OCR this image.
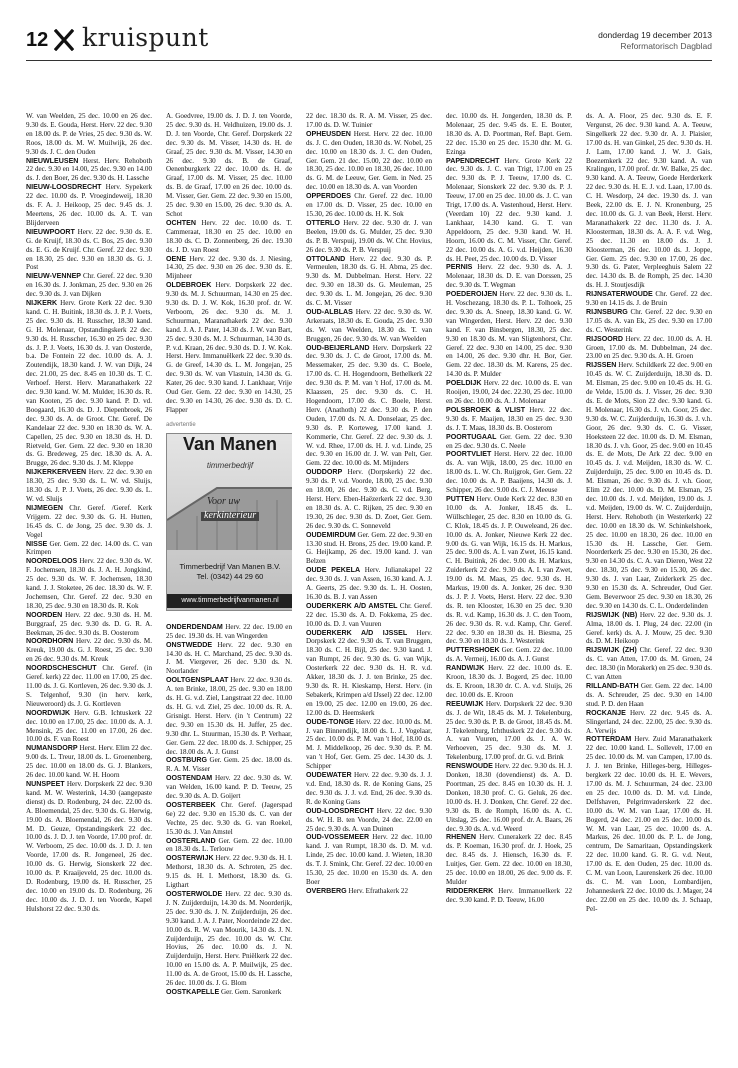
12 kruispunt	donderdag 19 december 2013
Reformatorisch Dagblad

W. van Weelden, 25 dec. 10.00 en 26 dec. 9.30 ds. E. Gouda, Herst. Herv. 22 dec. 9.30 en 18.00 ds. P. de Vries, 25 dec. 9.30 ds. W. Roos, 18.00 ds. M. W. Muilwijk, 26 dec. 9.30 ds. J. C. den Ouden

NIEUWLEUSEN Herst. Herv. Rehoboth 22 dec. 9.30 en 14.00, 25 dec. 9.30 en 14.00 ds. J. den Boer, 26 dec. 9.30 ds. H. Lassche

NIEUW-LOOSDRECHT Herv. Sypekerk 22 dec. 10.00 ds. P. Vroegindeweij, 18.30 ds. F. A. J. Heikoop, 25 dec. 9.45 ds. J. Meertens, 26 dec. 10.00 ds. A. T. van Blijderveen

NIEUWPOORT Herv. 22 dec. 9.30 ds. E. G. de Kruijf, 18.30 ds. C. Bos, 25 dec. 9.30 ds. E. G. de Kruijf. Chr. Geref. 22 dec. 9.30 en 18.30, 25 dec. 9.30 en 18.30 ds. G. J. Post

NIEUW-VENNEP Chr. Geref. 22 dec. 9.30 en 16.30 ds. J. Jonkman, 25 dec. 9.30 en 26 dec. 9.30 ds. J. van Dijken

NIJKERK Herv. Grote Kerk 22 dec. 9.30 kand. C. H. Buitink, 18.30 ds. J. P. J. Voets, 25 dec. 9.30 ds. H. Russcher, 18.30 kand. G. H. Molenaar, Opstandingskerk 22 dec. 9.30 ds. H. Russcher, 16.30 en 25 dec. 9.30 ds. J. P. J. Voets, 16.30 ds. J. van Oosterde, b.a. De Fontein 22 dec. 10.00 ds. A. J. Zoutendijk, 18.30 kand. J. W. van Dijk, 24 dec. 21.00, 25 dec. 8.45 en 10.30 ds. T. C. Verhoef. Herst. Herv. Maranathakerk 22 dec. 9.30 kand. W. M. Mulder, 16.30 ds. R. van Kooten, 25 dec. 9.30 kand. P. D. vd. Boogaard, 16.30 ds. D. J. Diepenbroek, 26 dec. 9.30 ds. A. de Groot. Chr. Geref. De Kandelaar 22 dec. 9.30 en 18.30 ds. W. A. Capellen, 25 dec. 9.30 en 18.30 ds. H. D. Rietveld, Ger. Gem. 22 dec. 9.30 en 18.30 ds. G. Bredeweg, 25 dec. 18.30 ds. A. A. Brugge, 26 dec. 9.30 ds. J. M. Kleppe

NIJKERKERVEEN Herv. 22 dec. 9.30 en 18.30, 25 dec. 9.30 ds. L. W. vd. Sluijs, 18.30 ds. J. P. J. Voets, 26 dec. 9.30 ds. L. W. vd. Sluijs

NIJMEGEN Chr. Geref. /Geref. Kerk Vrijgem. 22 dec. 9.30 ds. G. H. Hutten, 16.45 ds. C. de Jong, 25 dec. 9.30 ds. J. Vogel

NISSE Ger. Gem. 22 dec. 14.00 ds. C. van Krimpen

NOORDELOOS Herv. 22 dec. 9.30 ds. W. F. Jochemsen, 18.30 ds. J. A. H. Jongkind, 25 dec. 9.30 ds. W. F. Jochemsen, 18.30 kand. J. J. Stoketee, 26 dec. 18.30 ds. W. F. Jochemsen, Chr. Geref. 22 dec. 9.30 en 18.30, 25 dec. 9.30 en 18.30 ds. R. Kok

NOORDEN Herv. 22 dec. 9.30 ds. H. M. Burggraaf, 25 dec. 9.30 ds. D. G. R. A. Beekman, 26 dec. 9.30 ds. B. Oosterom

NOORDHORN Herv. 22 dec. 9.30 ds. M. Kreuk, 19.00 ds. G. J. Roest, 25 dec. 9.30 en 26 dec. 9.30 ds. M. Kreuk

NOORDSCHESCHUT Chr. Geref. (in Geref. kerk) 22 dec. 11.00 en 17.00, 25 dec. 11.00 ds. J. G. Kortleven, 26 dec. 9.30 ds. J. S. Telgenhof, 9.30 (in herv. kerk, Nieuweroord) ds. J. G. Kortleven

NOORDWIJK Herv. G.B. Ichtuskerk 22 dec. 10.00 en 17.00, 25 dec. 10.00 ds. A. J. Mensink, 25 dec. 11.00 en 17.00, 26 dec. 10.00 ds. F. van Roest

NUMANSDORP Herst. Herv. Elim 22 dec. 9.00 ds. L. Treur, 18.00 ds. L. Groenenberg, 25 dec. 10.00 en 18.00 ds. G. J. Blankers, 26 dec. 10.00 kand. W. H. Hoorn

NUNSPEET Herv. Dorpskerk 22 dec. 9.30 kand. M. W. Westerink, 14.30 (aangepaste dienst) ds. D. Rodenburg, 24 dec. 22.00 ds. A. Bloemendal, 25 dec. 9.30 ds. G. Herwig, 19.00 ds. A. Bloemendal, 26 dec. 9.30 ds. M. D. Geuze, Opstandingskerk 22 dec. 10.00 ds. J. D. J. ten Voorde, 17.00 prof. dr. W. Verboom, 25 dec. 10.00 ds. J. D. J. ten Voorde, 17.00 ds. R. Jongeneel, 26 dec. 10.00 ds. G. Herwig, Sionskerk 22 dec. 10.00 ds. P. Kraaijeveld, 25 dec. 10.00 ds. D. Rodenburg, 19.00 ds. H. Russcher, 25 dec. 10.00 en 19.00 ds. D. Rodenburg, 26 dec. 10.00 ds. J. D. J. ten Voorde, Kapel Hulshorst 22 dec. 9.30 ds.

A. Goedvree, 19.00 ds. J. D. J. ten Voorde, 25 dec. 9.30 ds. H. Veldhuizen, 19.00 ds. J. D. J. ten Voorde, Chr. Geref. Dorpskerk 22 dec. 9.30 ds. M. Visser, 14.30 ds. H. de Graaf, 25 dec. 9.30 ds. M. Visser, 14.30 en 26 dec. 9.30 ds. B. de Graaf, Oenenburgkerk 22 dec. 10.00 ds. H. de Graaf, 17.00 ds. M. Visser, 25 dec. 10.00 ds. B. de Graaf, 17.00 en 26 dec. 10.00 ds. M. Visser, Ger. Gem. 22 dec. 9.30 en 15.00, 25 dec. 9.30 en 15.00, 26 dec. 9.30 ds. A. Schot

OCHTEN Herv. 22 dec. 10.00 ds. T. Cammeraat, 18.30 en 25 dec. 10.00 en 18.30 ds. C. D. Zonnenberg, 26 dec. 19.30 ds. J. D. van Roest

OENE Herv. 22 dec. 9.30 ds. J. Niesing, 14.30, 25 dec. 9.30 en 26 dec. 9.30 ds. E. Mijnheer

OLDEBROEK Herv. Dorpskerk 22 dec. 9.30 ds. M. J. Schuurman, 14.30 en 25 dec. 9.30 ds. D. J. W. Kok, 16.30 prof. dr. W. Verboom, 26 dec. 9.30 ds. M. J. Schuurman, Maranathakerk 22 dec. 9.30 kand. J. A. J. Pater, 14.30 ds. J. W. van Bart, 25 dec. 9.30 ds. M. J. Schuurman, 14.30 ds. P. v.d. Kraan, 26 dec. 9.30 ds. D. J. W. Kok. Herst. Herv. Immanuëlkerk 22 dec. 9.30 ds. G. de Greef, 14.30 ds. L. M. Jongejan, 25 dec. 9.30 ds. W. van Vlastuin, 14.30 ds. G. Kater, 26 dec. 9.30 kand. J. Lankhaar, Vrije Oud Ger. Gem. 22 dec. 9.30 en 14.30, 25 dec. 9.30 en 14.30, 26 dec. 9.30 ds. D. C. Flapper

advertentie
Van Manen
timmerbedrijf
Voor uw
kerkinterieur
Timmerbedrijf Van Manen B.V.
Tel. (0342) 44 29 60
www.timmerbedrijfvanmanen.nl

ONDERDENDAM Herv. 22 dec. 19.00 en 25 dec. 19.30 ds. H. van Wingerden

ONSTWEDDE Herv. 22 dec. 9.30 en 14.30 ds. H. C. Marchand, 25 dec. 9.30 ds. J. M. Viergever, 26 dec. 9.30 ds. N. Noorlander

OOLTGENSPLAAT Herv. 22 dec. 9.30 ds. A. ten Brinke, 18.00, 25 dec. 9.30 en 18.00 ds. H. G. v.d. Ziel, Langstraat 22 dec. 10.00 ds. H. G. v.d. Ziel, 25 dec. 10.00 ds. R. A. Grisnigt. Herst. Herv. (in 't Centrum) 22 dec. 9.30 en 15.30 ds. H. Juffer, 25 dec. 9.30 dhr. L. Stuurman, 15.30 ds. P. Verhaar, Ger. Gem. 22 dec. 18.00 ds. J. Schipper, 25 dec. 18.00 ds. A. J. Gunst

OOSTBURG Ger. Gem. 25 dec. 18.00 ds. R. A. M. Visser

OOSTENDAM Herv. 22 dec. 9.30 ds. W. van Welden, 16.00 kand. P. D. Teeuw, 25 dec. 9.30 ds. A. D. Goijert

OOSTERBEEK Chr. Geref. (Jagerspad 6e) 22 dec. 9.30 en 15.30 ds. C. van der Vechte, 25 dec. 9.30 ds. G. van Roekel, 15.30 ds. J. Van Amstel

OOSTERLAND Ger. Gem. 22 dec. 10.00 en 18.30 ds. L. Terlouw

OOSTERWIJK Herv. 22 dec. 9.30 ds. H. I. Methorst, 18.30 ds. A. Schroten, 25 dec. 9.15 ds. H. I. Methorst, 18.30 ds. G. Ligthart

OOSTERWOLDE Herv. 22 dec. 9.30 ds. J. N. Zuijderduijn, 14.30 ds. M. Noorderijk, 25 dec. 9.30 ds. J. N. Zuijderduijn, 26 dec. 9.30 kand. J. A. J. Pater, Noordeinde 22 dec. 10.00 ds. R. W. van Mourik, 14.30 ds. J. N. Zuijderduijn, 25 dec. 10.00 ds. W. Chr. Hovius, 26 dec. 10.00 ds. J. N. Zuijderduijn, Herst. Herv. Pniëlkerk 22 dec. 10.00 en 15.00 ds. A. P. Muilwijk, 25 dec. 11.00 ds. A. de Groot, 15.00 ds. H. Lassche, 26 dec. 10.00 ds. J. G. Blom

OOSTKAPELLE Ger. Gem. Saronkerk

22 dec. 18.30 ds. R. A. M. Visser, 25 dec. 17.00 ds. D. W. Tuinier

OPHEUSDEN Herst. Herv. 22 dec. 10.00 ds. J. C. den Ouden, 18.30 ds. W. Nobel, 25 dec. 10.00 en 18.30 ds. J. C. den Ouden, Ger. Gem. 21 dec. 15.00, 22 dec. 10.00 en 18.30, 25 dec. 10.00 en 18.30, 26 dec. 10.00 ds. G. M. de Leeuw, Ger. Gem. in Ned. 25 dec. 10.00 en 18.30 ds. A. van Voorden

OPPERDOES Chr. Geref. 22 dec. 10.00 en 17.00 ds. D. Visser, 25 dec. 10.00 en 15.30, 26 dec. 10.00 ds. H. K. Sok

OTTERLO Herv. 22 dec. 9.30 dr. J. van Beelen, 19.00 ds. G. Mulder, 25 dec. 9.30 ds. P. B. Verspuij, 19.00 ds. W. Chr. Hovius, 26 dec. 9.30 ds. P. B. Verspuij

OTTOLAND Herv. 22 dec. 9.30 ds. P. Vermeulen, 18.30 ds. G. H. Abma, 25 dec. 9.30 ds. M. Dubbelman. Herst. Herv. 22 dec. 9.30 en 18.30 ds. G. Meuleman, 25 dec. 9.30 ds. L. M. Jongejan, 26 dec. 9.30 ds. C. M. Visser

OUD-ALBLAS Herv. 22 dec. 9.30 ds. W. Arkeraats, 18.30 ds. E. Gouda, 25 dec. 9.30 ds. W. van Weelden, 18.30 ds. T. van Bruggen, 26 dec. 9.30 ds. W. van Weelden

OUD-BEIJERLAND Herv. Dorpskerk 22 dec. 9.30 ds. J. C. de Groot, 17.00 ds. M. Messemaker, 25 dec. 9.30 ds. C. Boele, 17.00 ds. C. H. Hogendoorn, Bethelkerk 22 dec. 9.30 ds. P. M. van 't Hof, 17.00 ds. M. Klaassen, 25 dec. 9.30 ds. C. H. Hogendoorn, 17.00 ds. C. Boele, Herst. Herv. (Anathoth) 22 dec. 9.30 ds. P. den Ouden, 17.00 ds. N. A. Donselaar, 25 dec. 9.30 ds. P. Korteweg, 17.00 kand. J. Kommerie, Chr. Geref. 22 dec. 9.30 ds. J. W. v.d. Rhee, 17.00 ds. H. J. v.d. Linde, 25 dec. 9.30 en 16.00 dr. J. W. van Pelt, Ger. Gem. 22 dec. 10.00 ds. M. Mijnders

OUDDORP Herv. (Dorpskerk) 22 dec. 9.30 ds. P. v.d. Voorde, 18.00, 25 dec. 9.30 en 18.00, 26 dec. 9.30 ds. C. v.d. Berg, Herst. Herv. Eben-Haëzerkerk 22 dec. 9.30 en 18.30 ds. A. C. Rijken, 25 dec. 9.30 en 19.30, 26 dec. 9.30 ds. D. Zoet, Ger. Gem. 26 dec. 9.30 ds. C. Sonneveld

OUDEMIRDUM Ger. Gem. 22 dec. 9.30 en 13.30 stud. H. Brons, 25 dec. 19.00 kand. P. G. Heijkamp, 26 dec. 19.00 kand. J. van Belzen

OUDE PEKELA Herv. Julianakapel 22 dec. 9.30 ds. J. van Assen, 16.30 kand. A. J. A. Geerts, 25 dec. 9.30 ds. L. H. Oosten, 16.30 ds. B. J. van Assen

OUDERKERK A/D AMSTEL Chr. Geref. 22 dec. 15.30 ds. A. D. Fokkema, 25 dec. 10.00 ds. D. J. van Vuuren

OUDERKERK A/D IJSSEL Herv. Dorpskerk 22 dec. 9.30 ds. T. van Bruggen, 18.30 ds. C. H. Bijl, 25 dec. 9.30 kand. J. van Rumpt, 26 dec. 9.30 ds. G. van Wijk, Oosterkerk 22 dec. 9.30 ds. H. R. v.d. Akker, 18.30 ds. J. J. ten Brinke, 25 dec. 9.30 ds. R. H. Kieskamp, Herst. Herv. (in Sebakerk, Krimpen a/d IJssel) 22 dec. 12.00 en 19.00, 25 dec. 12.00 en 19.00, 26 dec. 12.00 ds. D. Heemskerk

OUDE-TONGE Herv. 22 dec. 10.00 ds. M. J. van Binnendijk, 18.00 ds. L. J. Vogelaar, 25 dec. 10.00 ds. P. M. van 't Hof, 18.00 ds. M. J. Middelkoop, 26 dec. 9.30 ds. P. M. van 't Hof, Ger. Gem. 25 dec. 14.30 ds. J. Schipper

OUDEWATER Herv. 22 dec. 9.30 ds. J. J. v.d. End, 18.30 ds. R. de Koning Gans, 25 dec. 9.30 ds. J. J. v.d. End, 26 dec. 9.30 ds. R. de Koning Gans

OUD-LOOSDRECHT Herv. 22 dec. 9.30 ds. W. H. B. ten Voorde, 24 dec. 22.00 en 25 dec. 9.30 ds. A. van Duinen

OUD-VOSSEMEER Herv. 22 dec. 10.00 kand. J. van Rumpt, 18.30 ds. D. M. v.d. Linde, 25 dec. 10.00 kand. J. Wieten, 18.30 ds. T. J. Smink, Chr. Geref. 22 dec. 10.00 en 15.30, 25 dec. 10.00 en 15.30 ds. A. den Boer

OVERBERG Herv. Efrathakerk 22

dec. 10.00 ds. H. Jongerden, 18.30 ds. P. Molenaar, 25 dec. 9.45 ds. E. E. Bouter, 18.30 ds. A. D. Poortman, Ref. Bapt. Gem. 22 dec. 15.30 en 25 dec. 15.30 dhr. M. G. Ezinga

PAPENDRECHT Herv. Grote Kerk 22 dec. 9.30 ds. J. C. van Trigt, 17.00 en 25 dec. 9.30 ds. P. J. Teeuw, 17.00 ds. C. Molenaar, Sionskerk 22 dec. 9.30 ds. P. J. Teeuw, 17.00 en 25 dec. 10.00 ds. J. C. van Trigt, 17.00 ds. A. Vastenhoud, Herst. Herv. (Veerdam 10) 22 dec. 9.30 kand. J. Lankhaar, 14.30 kand. G. T. van Appeldoorn, 25 dec. 9.30 kand. W. H. Hoorn, 16.00 ds. C. M. Visser, Chr. Geref. 22 dec. 10.00 ds. A. G. v.d. Heijden, 16.30 ds. H. Peet, 25 dec. 10.00 ds. D. Visser

PERNIS Herv. 22 dec. 9.30 ds. A. J. Molenaar, 18.30 ds. D. E. van Dorssen, 25 dec. 9.30 ds. T. Wegman

POEDEROIJEN Herv. 22 dec. 9.30 ds. L. H. Voschezang, 18.30 ds. P. L. Tolhoek, 25 dec. 9.30 ds. A. Sneep, 18.30 kand. G. W. van Wingerden, Herst. Herv. 22 dec. 9.30 kand. F. van Binsbergen, 18.30, 25 dec. 9.30 en 18.30 ds. M. van Sligtenhorst, Chr. Geref. 22 dec. 9.30 en 14.00, 25 dec. 9.30 en 14.00, 26 dec. 9.30 dhr. H. Bor, Ger. Gem. 22 dec. 18.30 ds. M. Karens, 25 dec. 14.30 ds. P. Mulder

POELDIJK Herv. 22 dec. 10.00 ds. E. van Rooijen, 19.00, 24 dec. 22.30, 25 dec. 10.00 en 26 dec. 10.00 ds. A. J. Molenaar

POLSBROEK & VLIST Herv. 22 dec. 9.30 ds. F. Maaijen, 18.30 en 25 dec. 9.30 ds. J. T. Maas, 18.30 ds. B. Oosterom

POORTUGAAL Ger. Gem. 22 dec. 9.30 en 25 dec. 9.30 ds. C. Neele

POORTVLIET Herst. Herv. 22 dec. 10.00 ds. A. van Wijk, 18.00, 25 dec. 10.00 en 18.00 ds. L. W. Ch. Ruijgrok, Ger. Gem. 22 dec. 10.00 ds. A. P. Baaijens, 14.30 ds. J. Schipper, 26 dec. 9.00 ds. C. J. Meeuse

PUTTEN Herv. Oude Kerk 22 dec. 8.30 en 10.00 ds. A. Jonker, 18.45 ds. L. Wüllschleger, 25 dec. 8.30 en 10.00 ds. G. C. Klok, 18.45 ds. J. P. Ouweleand, 26 dec. 10.00 ds. A. Jonker, Nieuwe Kerk 22 dec. 9.00 ds. G. van Wijk, 16.15 ds. H. Markus, 25 dec. 9.00 ds. A. I. van Zwet, 16.15 kand. C. H. Buitink, 26 dec. 9.00 ds. H. Markus, Zuiderkerk 22 dec. 9.30 ds. A. I. van Zwet, 19.00 ds. M. Maas, 25 dec. 9.30 ds. H. Markus, 19.00 ds. A. Jonker, 26 dec. 9.30 ds. J. P. J. Voets, Herst. Herv. 22 dec. 9.30 ds. R. ten Klooster, 16.30 en 25 dec. 9.30 ds. R. v.d. Kamp, 16.30 ds. J. C. den Toom, 26 dec. 9.30 ds. R. v.d. Kamp, Chr. Geref. 22 dec. 9.30 en 18.30 ds. H. Biesma, 25 dec. 9.30 en 18.30 ds. J. Westerink

PUTTERSHOEK Ger. Gem. 22 dec. 10.00 ds. A. Vermeij, 16.00 ds. A. J. Gunst

RANDWIJK Herv. 22 dec. 10.00 ds. E. Kroon, 18.30 ds. J. Bogerd, 25 dec. 10.00 ds. E. Kroon, 18.30 dr. C. A. v.d. Sluijs, 26 dec. 10.00 ds. E. Kroon

REEUWIJK Herv. Dorpskerk 22 dec. 9.30 ds. J. de Wit, 18.45 ds. M. J. Tekelenburg, 25 dec. 9.30 ds. P. B. de Groot, 18.45 ds. M. J. Tekelenburg, Ichthuskerk 22 dec. 9.30 ds. A. van Vuuren, 17.00 ds. J. A. W. Verhoeven, 25 dec. 9.30 ds. M. J. Tekelenburg, 17.00 prof. dr. G. v.d. Brink

RENSWOUDE Herv. 22 dec. 9.30 ds. H. J. Donken, 18.30 (dovendienst) ds. A. D. Poortman, 25 dec. 8.45 en 10.30 ds. H. J. Donken, 18.30 prof. C. G. Geluk, 26 dec. 10.00 ds. H. J. Donken, Chr. Geref. 22 dec. 9.30 ds. B. de Romph, 16.00 ds. A. C. Uitslag, 25 dec. 16.00 prof. dr. A. Baars, 26 dec. 9.30 ds. A. v.d. Weerd

RHENEN Herv. Cunerakerk 22 dec. 8.45 ds. P. Koeman, 16.30 prof. dr. J. Hoek, 25 dec. 8.45 ds. J. Hiensch, 16.30 ds. F. Luitjes, Ger. Gem. 22 dec. 10.00 en 18.30, 25 dec. 10.00 en 18.00, 26 dec. 9.00 ds. F. Mulder

RIDDERKERK Herv. Immanuelkerk 22 dec. 9.30 kand. P. D. Teeuw, 16.00

ds. A. A. Floor, 25 dec. 9.30 ds. E. F. Vergunst, 26 dec. 9.30 kand. A. A. Teeuw, Singelkerk 22 dec. 9.30 dr. A. J. Plaisier, 17.00 ds. H. van Ginkel, 25 dec. 9.30 ds. H. J. Lam, 17.00 kand. J. W. J. Gais, Boezemkerk 22 dec. 9.30 kand. A. van Kralingen, 17.00 prof. dr. W. Balke, 25 dec. 9.30 kand. A. A. Teeuw, Goede Herderkerk 22 dec. 9.30 ds. H. E. J. v.d. Laan, 17.00 ds. C. H. Wesdorp, 24 dec. 19.30 ds. J. van Beek, 22.00 ds. E. J. N. Kronenburg, 25 dec. 10.00 ds. G. J. van Beek, Herst. Herv. Maranathakerk 22 dec. 11.30 ds. J. A. Kloosterman, 18.30 ds. A. A. F. v.d. Weg, 25 dec. 11.30 en 18.00 ds. J. J. Kloosterman, 26 dec. 10.00 ds. J. Joppe, Ger. Gem. 25 dec. 9.30 en 17.00, 26 dec. 9.30 ds. G. Pater, Verpleeghuis Salem 22 dec. 14.30 ds. B. de Romph, 25 dec. 14.30 ds. H. J. Stoutjesdijk

RIJNSATERWOUDE Chr. Geref. 22 dec. 9.30 en 14.15 ds. J. de Bruin

RIJNSBURG Chr. Geref. 22 dec. 9.30 en 17.05 ds. A. van Ek, 25 dec. 9.30 en 17.00 ds. C. Westerink

RIJSOORD Herv. 22 dec. 10.00 ds. A. H. Groen, 17.00 ds. M. Dubbelman, 24 dec. 23.00 en 25 dec. 9.30 ds. A. H. Groen

RIJSSEN Herv. Schildkerk 22 dec. 9.00 en 10.45 ds. W. C. Zuijderduijn, 18.30 ds. D. M. Elsman, 25 dec. 9.00 en 10.45 ds. H. G. de Velde, 15.00 ds. J. Visser, 26 dec. 9.30 ds. E. de Mots, Sion 22 dec. 9.30 kand. G. H. Molenaar, 16.30 ds. J. v.h. Goor, 25 dec. 9.30 ds. W. C. Zuijderduijn, 16.30 ds. J. v.h. Goor, 26 dec. 9.30 ds. C. G. Visser, Hoeksteen 22 dec. 10.00 ds. D. M. Elsman, 18.30 ds. J. v.h. Goor, 25 dec. 9.00 en 10.45 ds. E. de Mots, De Ark 22 dec. 9.00 en 10.45 ds. J. v.d. Meijden, 18.30 ds. W. C. Zuijderduijn, 25 dec. 9.00 en 10.45 ds. D. M. Elsman, 26 dec. 9.30 ds. J. v.h. Goor, Elim 22 dec. 10.00 ds. D. M. Elsman, 25 dec. 10.00 ds. J. v.d. Meijden, 19.00 ds. J. v.d. Meijden, 19.00 ds. W. C. Zuijderduijn, Herst. Herv. Rehoboth (in Westerkerk) 22 dec. 10.00 en 18.30 ds. W. Schinkelshoek, 25 dec. 10.00 en 18.30, 26 dec. 10.00 en 15.30 ds. H. Lassche, Ger. Gem. Noorderkerk 25 dec. 9.30 en 15.30, 26 dec. 9.30 en 14.30 ds. C. A. van Dieren, West 22 dec. 18.30, 25 dec. 9.30 en 15.30, 26 dec. 9.30 ds. J. van Laar, Zuiderkerk 25 dec. 9.30 en 15.30 ds. A. Schreuder, Oud Ger. Gem. Beverwoor 25 dec. 9.30 en 18.30, 26 dec. 9.30 en 14.30 ds. C. L. Onderdelinden

RIJSWIJK (NB) Herv. 22 dec. 9.30 ds. J. Alma, 18.00 ds. I. Plug, 24 dec. 22.00 (in Geref. kerk) ds. A. J. Mouw, 25 dec. 9.30 ds. D. M. Heikoop

RIJSWIJK (ZH) Chr. Geref. 22 dec. 9.30 ds. C. van Atten, 17.00 ds. M. Groen, 24 dec. 18.30 (in Morakerk) en 25 dec. 9.30 ds. C. van Atten

RILLAND-BATH Ger. Gem. 22 dec. 14.00 ds. A. Schreuder, 25 dec. 9.30 en 14.00 stud. P. D. den Haan

ROCKANJE Herv. 22 dec. 9.45 ds. A. Slingerland, 24 dec. 22.00, 25 dec. 9.30 ds. A. Verwijs

ROTTERDAM Herv. Zuid Maranathakerk 22 dec. 10.00 kand. L. Sollevelt, 17.00 en 25 dec. 10.00 ds. M. van Campen, 17.00 ds. J. J. ten Brinke, Hilleges-berg, Hilleges-bergkerk 22 dec. 10.00 ds. H. E. Wevers, 17.00 ds. M. J. Schuurman, 24 dec. 23.00 en 25 dec. 10.00 ds. D. M. v.d. Linde, Delfshaven, Pelgrimvaderskerk 22 dec. 10.00 ds. W. M. van Laar, 17.00 ds. H. Bogerd, 24 dec. 21.00 en 25 dec. 10.00 ds. W. M. van Laar, 25 dec. 10.00 ds. A. Markus, 26 dec. 10.00 ds. P. L. de Jong, centrum, De Samaritaan, Opstandingskerk 22 dec. 10.00 kand. G. R. G. v.d. Neut, 17.00 ds. E. den Ouden, 25 dec. 10.00 ds. C. M. van Loon, Laurenskerk 26 dec. 10.00 ds. C. M. van Loon, Lombardijen, Johanneskerk 22 dec. 10.00 ds. J. Mager, 24 dec. 22.00 en 25 dec. 10.00 ds. J. Schaap, Pel-
